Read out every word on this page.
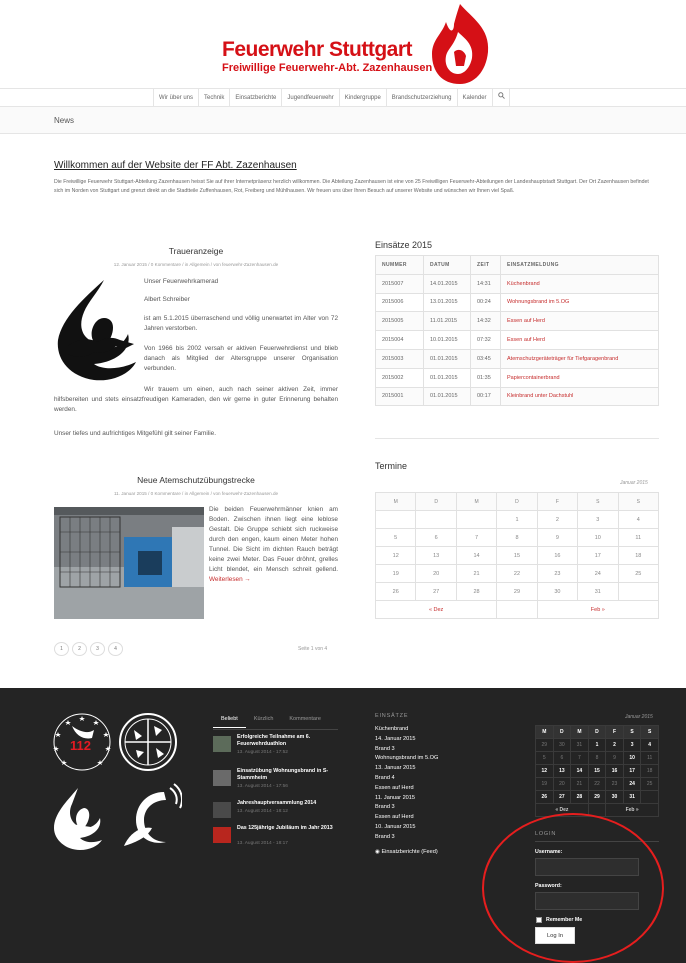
Feuerwehr Stuttgart
Freiwillige Feuerwehr-Abt. Zazenhausen
Wir über uns	Technik	Einsatzberichte	Jugendfeuerwehr	Kindergruppe	Brandschutzerziehung	Kalender
News
Willkommen auf der Website der FF Abt. Zazenhausen
Die Freiwillige Feuerwehr Stuttgart-Abteilung Zazenhausen heisst Sie auf ihrer Internetpräsenz herzlich willkommen. Die Abteilung Zazenhausen ist eine von 25 Freiwilligen Feuerwehr-Abteilungen der Landeshauptstadt Stuttgart. Der Ort Zazenhausen befindet sich im Norden von Stuttgart und grenzt direkt an die Stadtteile Zuffenhausen, Rot, Freiberg und Mühlhausen. Wir freuen uns über Ihren Besuch auf unserer Website und wünschen wir Ihnen viel Spaß.
Traueranzeige
12. Januar 2015 / 0 Kommentare / in Allgemein / von feuerwehr-Zazenhausen.de
Unser Feuerwehrkamerad
Albert Schreiber
ist am 5.1.2015 überraschend und völlig unerwartet im Alter von 72 Jahren verstorben.
Von 1966 bis 2002 versah er aktiven Feuerwehrdienst und blieb danach als Mitglied der Altersgruppe unserer Organisation verbunden.
Wir trauern um einen, auch nach seiner aktiven Zeit, immer hilfsbereiten und stets einsatzfreudigen Kameraden, den wir gerne in guter Erinnerung behalten werden.
Unser tiefes und aufrichtiges Mitgefühl gilt seiner Familie.
Neue Atemschutzübungstrecke
11. Januar 2015 / 0 Kommentare / in Allgemein / von feuerwehr-Zazenhausen.de
Die beiden Feuerwehrmänner knien am Boden. Zwischen ihnen liegt eine leblose Gestalt. Die Gruppe schiebt sich ruckweise durch den engen, kaum einen Meter hohen Tunnel. Die Sicht im dichten Rauch beträgt keine zwei Meter. Das Feuer dröhnt, grelles Licht blendet, ein Mensch schreit gellend. Weiterlesen →
1	2	3	4	Seite 1 von 4
Einsätze 2015
NUMMER	DATUM	ZEIT	EINSATZMELDUNG
2015007	14.01.2015	14:31	Küchenbrand
2015006	13.01.2015	00:24	Wohnungsbrand im 5.OG
2015005	11.01.2015	14:32	Essen auf Herd
2015004	10.01.2015	07:32	Essen auf Herd
2015003	01.01.2015	03:45	Atemschutzgeräteträger für Tiefgaragenbrand
2015002	01.01.2015	01:35	Papiercontainerbrand
2015001	01.01.2015	00:17	Kleinbrand unter Dachstuhl
Termine
Januar 2015
M	D	M	D	F	S	S
			1	2	3	4
5	6	7	8	9	10	11
12	13	14	15	16	17	18
19	20	21	22	23	24	25
26	27	28	29	30	31	
« Dez				Feb »		
112
Beliebt	Kürzlich	Kommentare
Erfolgreiche Teilnahme am 6. Feuerwehrduathlon
13. August 2014 - 17:52
Einsatzübung Wohnungsbrand in S-Stammheim
13. August 2014 - 17:56
Jahreshauptversammlung 2014
13. August 2014 - 18:12
Das 125jährige Jubiläum im Jahr 2013
13. August 2014 - 18:17
EINSÄTZE
Küchenbrand
14. Januar 2015
Brand 3
Wohnungsbrand im 5.OG
13. Januar 2015
Brand 4
Essen auf Herd
11. Januar 2015
Brand 3
Essen auf Herd
10. Januar 2015
Brand 3
◉ Einsatzberichte (Feed)
Januar 2015
M	D	M	D	F	S	S
29	30	31	1	2	3	4
5	6	7	8	9	10	11
12	13	14	15	16	17	18
19	20	21	22	23	24	25
26	27	28	29	30	31	
« Dez				Feb »		
LOGIN
Username:
Password:
Remember Me
Log In
